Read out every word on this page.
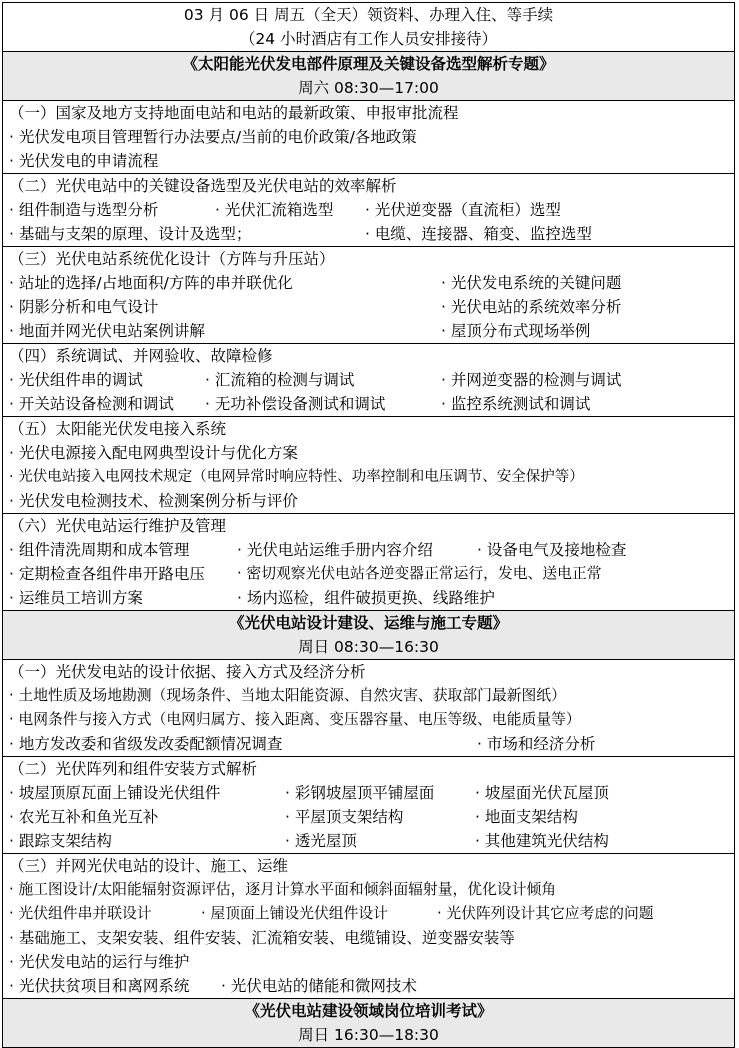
03 月 06 日 周五（全天）领资料、办理入住、等手续
（24 小时酒店有工作人员安排接待）
《太阳能光伏发电部件原理及关键设备选型解析专题》
周六 08:30—17:00
（一）国家及地方支持地面电站和电站的最新政策、申报审批流程
· 光伏发电项目管理暂行办法要点/当前的电价政策/各地政策
· 光伏发电的申请流程
（二）光伏电站中的关键设备选型及光伏电站的效率解析
· 组件制造与选型分析	· 光伏汇流箱选型	· 光伏逆变器（直流柜）选型
· 基础与支架的原理、设计及选型；	· 电缆、连接器、箱变、监控选型
（三）光伏电站系统优化设计（方阵与升压站）
· 站址的选择/占地面积/方阵的串并联优化	· 光伏发电系统的关键问题
· 阴影分析和电气设计	· 光伏电站的系统效率分析
· 地面并网光伏电站案例讲解	· 屋顶分布式现场举例
（四）系统调试、并网验收、故障检修
· 光伏组件串的调试	· 汇流箱的检测与调试	· 并网逆变器的检测与调试
· 开关站设备检测和调试	· 无功补偿设备测试和调试	· 监控系统测试和调试
（五）太阳能光伏发电接入系统
· 光伏电源接入配电网典型设计与优化方案
· 光伏电站接入电网技术规定（电网异常时响应特性、功率控制和电压调节、安全保护等）
· 光伏发电检测技术、检测案例分析与评价
（六）光伏电站运行维护及管理
· 组件清洗周期和成本管理	· 光伏电站运维手册内容介绍	· 设备电气及接地检查
· 定期检查各组件串开路电压	· 密切观察光伏电站各逆变器正常运行，发电、送电正常
· 运维员工培训方案	· 场内巡检，组件破损更换、线路维护
《光伏电站设计建设、运维与施工专题》
周日 08:30—16:30
（一）光伏发电站的设计依据、接入方式及经济分析
· 土地性质及场地勘测（现场条件、当地太阳能资源、自然灾害、获取部门最新图纸）
· 电网条件与接入方式（电网归属方、接入距离、变压器容量、电压等级、电能质量等）
· 地方发改委和省级发改委配额情况调查	· 市场和经济分析
（二）光伏阵列和组件安装方式解析
· 坡屋顶原瓦面上铺设光伏组件	· 彩钢坡屋顶平铺屋面	· 坡屋面光伏瓦屋顶
· 农光互补和鱼光互补	· 平屋顶支架结构	· 地面支架结构
· 跟踪支架结构	· 透光屋顶	· 其他建筑光伏结构
（三）并网光伏电站的设计、施工、运维
· 施工图设计/太阳能辐射资源评估，逐月计算水平面和倾斜面辐射量，优化设计倾角
· 光伏组件串并联设计	· 屋顶面上铺设光伏组件设计	· 光伏阵列设计其它应考虑的问题
· 基础施工、支架安装、组件安装、汇流箱安装、电缆铺设、逆变器安装等
· 光伏发电站的运行与维护
· 光伏扶贫项目和离网系统	· 光伏电站的储能和微网技术
《光伏电站建设领域岗位培训考试》
周日 16:30—18:30
